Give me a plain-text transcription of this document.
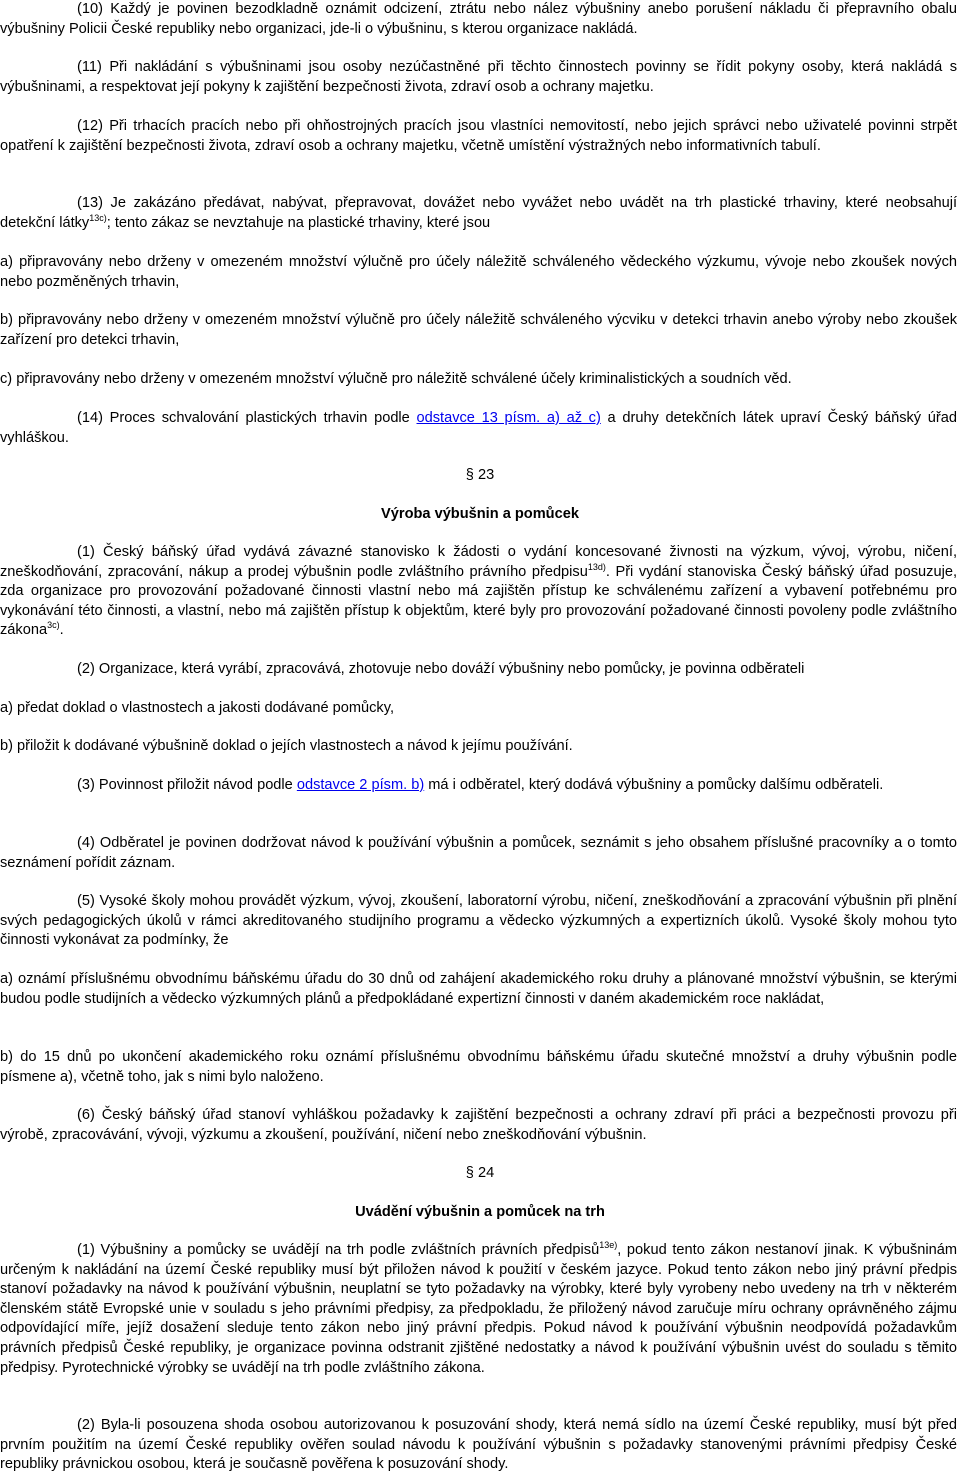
(10) Každý je povinen bezodkladně oznámit odcizení, ztrátu nebo nález výbušniny anebo porušení nákladu či přepravního obalu výbušniny Policii České republiky nebo organizaci, jde-li o výbušninu, s kterou organizace nakládá.

(11) Při nakládání s výbušninami jsou osoby nezúčastněné při těchto činnostech povinny se řídit pokyny osoby, která nakládá s výbušninami, a respektovat její pokyny k zajištění bezpečnosti života, zdraví osob a ochrany majetku.

(12) Při trhacích pracích nebo při ohňostrojných pracích jsou vlastníci nemovitostí, nebo jejich správci nebo uživatelé povinni strpět opatření k zajištění bezpečnosti života, zdraví osob a ochrany majetku, včetně umístění výstražných nebo informativních tabulí.

(13) Je zakázáno předávat, nabývat, přepravovat, dovážet nebo vyvážet nebo uvádět na trh plastické trhaviny, které neobsahují detekční látky$^{13c)}$; tento zákaz se nevztahuje na plastické trhaviny, které jsou

a) připravovány nebo drženy v omezeném množství výlučně pro účely náležitě schváleného vědeckého výzkumu, vývoje nebo zkoušek nových nebo pozměněných trhavin,

b) připravovány nebo drženy v omezeném množství výlučně pro účely náležitě schváleného výcviku v detekci trhavin anebo výroby nebo zkoušek zařízení pro detekci trhavin,

c) připravovány nebo drženy v omezeném množství výlučně pro náležitě schválené účely kriminalistických a soudních věd.

(14) Proces schvalování plastických trhavin podle odstavce 13 písm. a) až c) a druhy detekčních látek upraví Český báňský úřad vyhláškou.

§ 23

Výroba výbušnin a pomůcek

(1) Český báňský úřad vydává závazné stanovisko k žádosti o vydání koncesované živnosti na výzkum, vývoj, výrobu, ničení, zneškodňování, zpracování, nákup a prodej výbušnin podle zvláštního právního předpisu$^{13d)}$. Při vydání stanoviska Český báňský úřad posuzuje, zda organizace pro provozování požadované činnosti vlastní nebo má zajištěn přístup ke schválenému zařízení a vybavení potřebnému pro vykonávání této činnosti, a vlastní, nebo má zajištěn přístup k objektům, které byly pro provozování požadované činnosti povoleny podle zvláštního zákona$^{3c)}$.

(2) Organizace, která vyrábí, zpracovává, zhotovuje nebo dováží výbušniny nebo pomůcky, je povinna odběrateli

a) předat doklad o vlastnostech a jakosti dodávané pomůcky,

b) přiložit k dodávané výbušnině doklad o jejích vlastnostech a návod k jejímu používání.

(3) Povinnost přiložit návod podle odstavce 2 písm. b) má i odběratel, který dodává výbušniny a pomůcky dalšímu odběrateli.

(4) Odběratel je povinen dodržovat návod k používání výbušnin a pomůcek, seznámit s jeho obsahem příslušné pracovníky a o tomto seznámení pořídit záznam.

(5) Vysoké školy mohou provádět výzkum, vývoj, zkoušení, laboratorní výrobu, ničení, zneškodňování a zpracování výbušnin při plnění svých pedagogických úkolů v rámci akreditovaného studijního programu a vědecko výzkumných a expertizních úkolů. Vysoké školy mohou tyto činnosti vykonávat za podmínky, že

a) oznámí příslušnému obvodnímu báňskému úřadu do 30 dnů od zahájení akademického roku druhy a plánované množství výbušnin, se kterými budou podle studijních a vědecko výzkumných plánů a předpokládané expertizní činnosti v daném akademickém roce nakládat,

b) do 15 dnů po ukončení akademického roku oznámí příslušnému obvodnímu báňskému úřadu skutečné množství a druhy výbušnin podle písmene a), včetně toho, jak s nimi bylo naloženo.

(6) Český báňský úřad stanoví vyhláškou požadavky k zajištění bezpečnosti a ochrany zdraví při práci a bezpečnosti provozu při výrobě, zpracovávání, vývoji, výzkumu a zkoušení, používání, ničení nebo zneškodňování výbušnin.

§ 24

Uvádění výbušnin a pomůcek na trh

(1) Výbušniny a pomůcky se uvádějí na trh podle zvláštních právních předpisů$^{13e)}$, pokud tento zákon nestanoví jinak. K výbušninám určeným k nakládání na území České republiky musí být přiložen návod k použití v českém jazyce. Pokud tento zákon nebo jiný právní předpis stanoví požadavky na návod k používání výbušnin, neuplatní se tyto požadavky na výrobky, které byly vyrobeny nebo uvedeny na trh v některém členském státě Evropské unie v souladu s jeho právními předpisy, za předpokladu, že přiložený návod zaručuje míru ochrany oprávněného zájmu odpovídající míře, jejíž dosažení sleduje tento zákon nebo jiný právní předpis. Pokud návod k používání výbušnin neodpovídá požadavkům právních předpisů České republiky, je organizace povinna odstranit zjištěné nedostatky a návod k používání výbušnin uvést do souladu s těmito předpisy. Pyrotechnické výrobky se uvádějí na trh podle zvláštního zákona.

(2) Byla-li posouzena shoda osobou autorizovanou k posuzování shody, která nemá sídlo na území České republiky, musí být před prvním použitím na území České republiky ověřen soulad návodu k používání výbušnin s požadavky stanovenými právními předpisy České republiky právnickou osobou, která je současně pověřena k posuzování shody.
